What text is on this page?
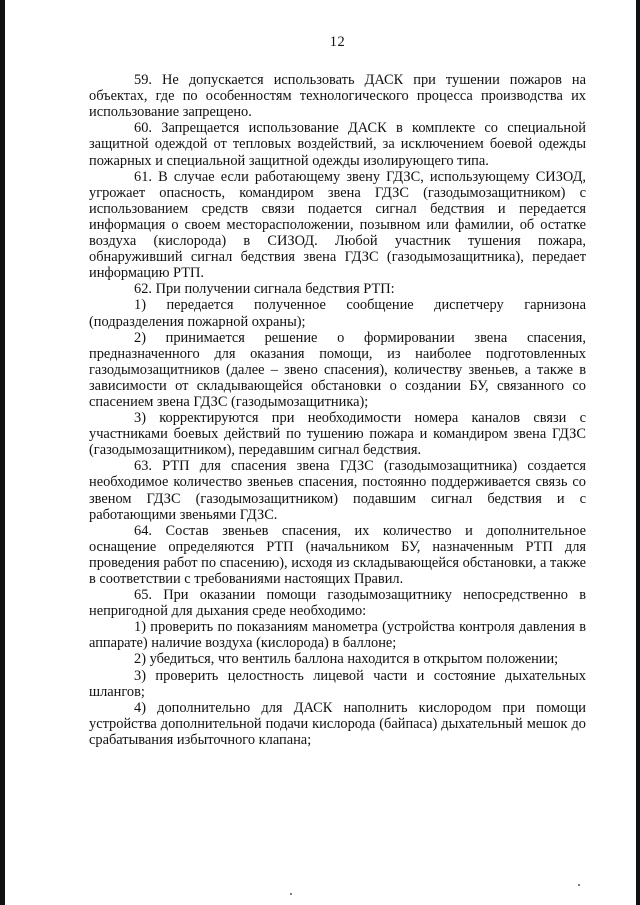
12

59. Не допускается использовать ДАСК при тушении пожаров на объектах, где по особенностям технологического процесса производства их использование запрещено.

60. Запрещается использование ДАСК в комплекте со специальной защитной одеждой от тепловых воздействий, за исключением боевой одежды пожарных и специальной защитной одежды изолирующего типа.

61. В случае если работающему звену ГДЗС, использующему СИЗОД, угрожает опасность, командиром звена ГДЗС (газодымозащитником) с использованием средств связи подается сигнал бедствия и передается информация о своем месторасположении, позывном или фамилии, об остатке воздуха (кислорода) в СИЗОД. Любой участник тушения пожара, обнаруживший сигнал бедствия звена ГДЗС (газодымозащитника), передает информацию РТП.

62. При получении сигнала бедствия РТП:

1) передается полученное сообщение диспетчеру гарнизона (подразделения пожарной охраны);

2) принимается решение о формировании звена спасения, предназначенного для оказания помощи, из наиболее подготовленных газодымозащитников (далее – звено спасения), количеству звеньев, а также в зависимости от складывающейся обстановки о создании БУ, связанного со спасением звена ГДЗС (газодымозащитника);

3) корректируются при необходимости номера каналов связи с участниками боевых действий по тушению пожара и командиром звена ГДЗС (газодымозащитником), передавшим сигнал бедствия.

63. РТП для спасения звена ГДЗС (газодымозащитника) создается необходимое количество звеньев спасения, постоянно поддерживается связь со звеном ГДЗС (газодымозащитником) подавшим сигнал бедствия и с работающими звеньями ГДЗС.

64. Состав звеньев спасения, их количество и дополнительное оснащение определяются РТП (начальником БУ, назначенным РТП для проведения работ по спасению), исходя из складывающейся обстановки, а также в соответствии с требованиями настоящих Правил.

65. При оказании помощи газодымозащитнику непосредственно в непригодной для дыхания среде необходимо:

1) проверить по показаниям манометра (устройства контроля давления в аппарате) наличие воздуха (кислорода) в баллоне;

2) убедиться, что вентиль баллона находится в открытом положении;

3) проверить целостность лицевой части и состояние дыхательных шлангов;

4) дополнительно для ДАСК наполнить кислородом при помощи устройства дополнительной подачи кислорода (байпаса) дыхательный мешок до срабатывания избыточного клапана;
